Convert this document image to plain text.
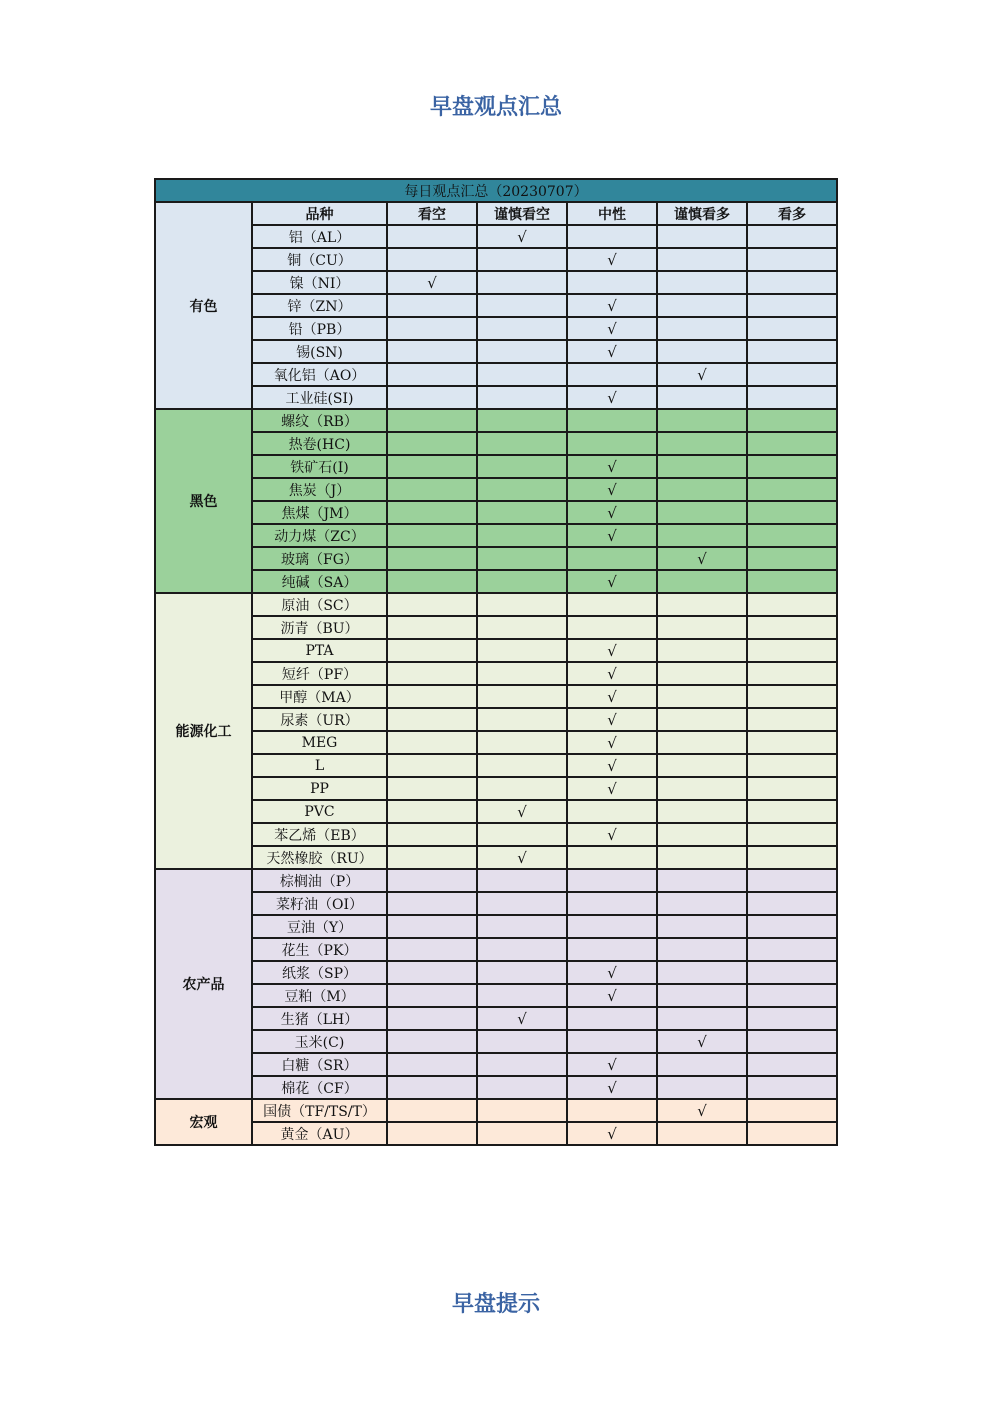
早盘观点汇总
每日观点汇总（20230707）						
有色	品种	看空	谨慎看空	中性	谨慎看多	看多
	铝（AL）		√			
	铜（CU）			√		
	镍（NI）	√				
	锌（ZN）			√		
	铅（PB）			√		
	锡(SN)			√		
	氧化铝（AO）				√	
	工业硅(SI)			√		
黑色	螺纹（RB）					
	热卷(HC)					
	铁矿石(I)			√		
	焦炭（J）			√		
	焦煤（JM）			√		
	动力煤（ZC）			√		
	玻璃（FG）				√	
	纯碱（SA）			√		
能源化工	原油（SC）					
	沥青（BU）					
	PTA			√		
	短纤（PF）			√		
	甲醇（MA）			√		
	尿素（UR）			√		
	MEG			√		
	L			√		
	PP			√		
	PVC		√			
	苯乙烯（EB）			√		
	天然橡胶（RU）		√			
农产品	棕榈油（P）					
	菜籽油（OI）					
	豆油（Y）					
	花生（PK）					
	纸浆（SP）			√		
	豆粕（M）			√		
	生猪（LH）		√			
	玉米(C)				√	
	白糖（SR）			√		
	棉花（CF）			√		
宏观	国债（TF/TS/T）				√	
	黄金（AU）			√		
早盘提示
